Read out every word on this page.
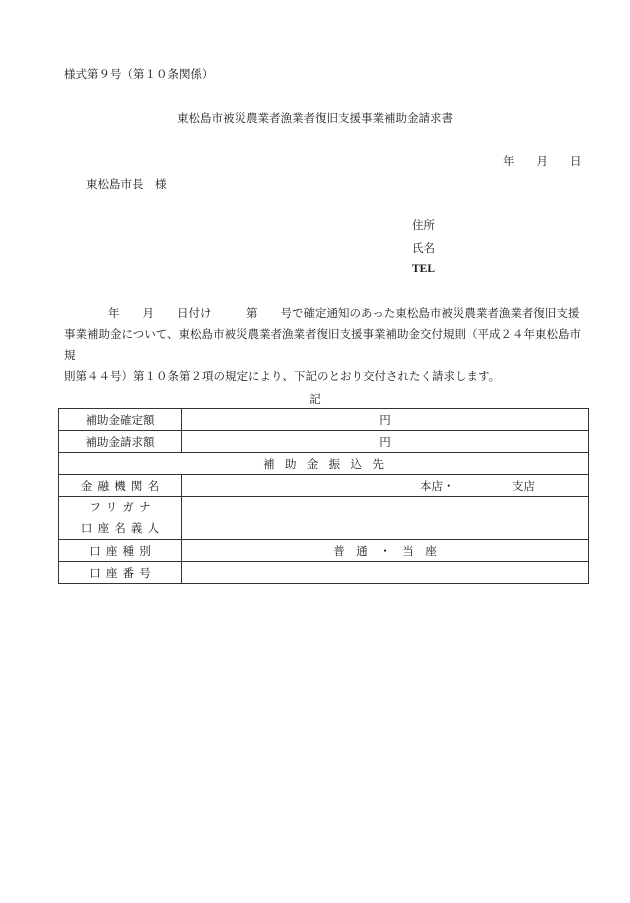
様式第９号（第１０条関係）
東松島市被災農業者漁業者復旧支援事業補助金請求書
年 月 日
東松島市長　様
住所
氏名
TEL

年　　月　　日付け　　　第　　号で確定通知のあった東松島市被災農業者漁業者復旧支援

事業補助金について、東松島市被災農業者漁業者復旧支援事業補助金交付規則（平成２４年東松島市規

則第４４号）第１０条第２項の規定により、下記のとおり交付されたく請求します。

記
補助金確定額	円
補助金請求額	円
補助金振込先	
金融機関名	本店・ 支店

フリガナ
口座名義人	

口座種別	普　通　・　当　座
口座番号	
